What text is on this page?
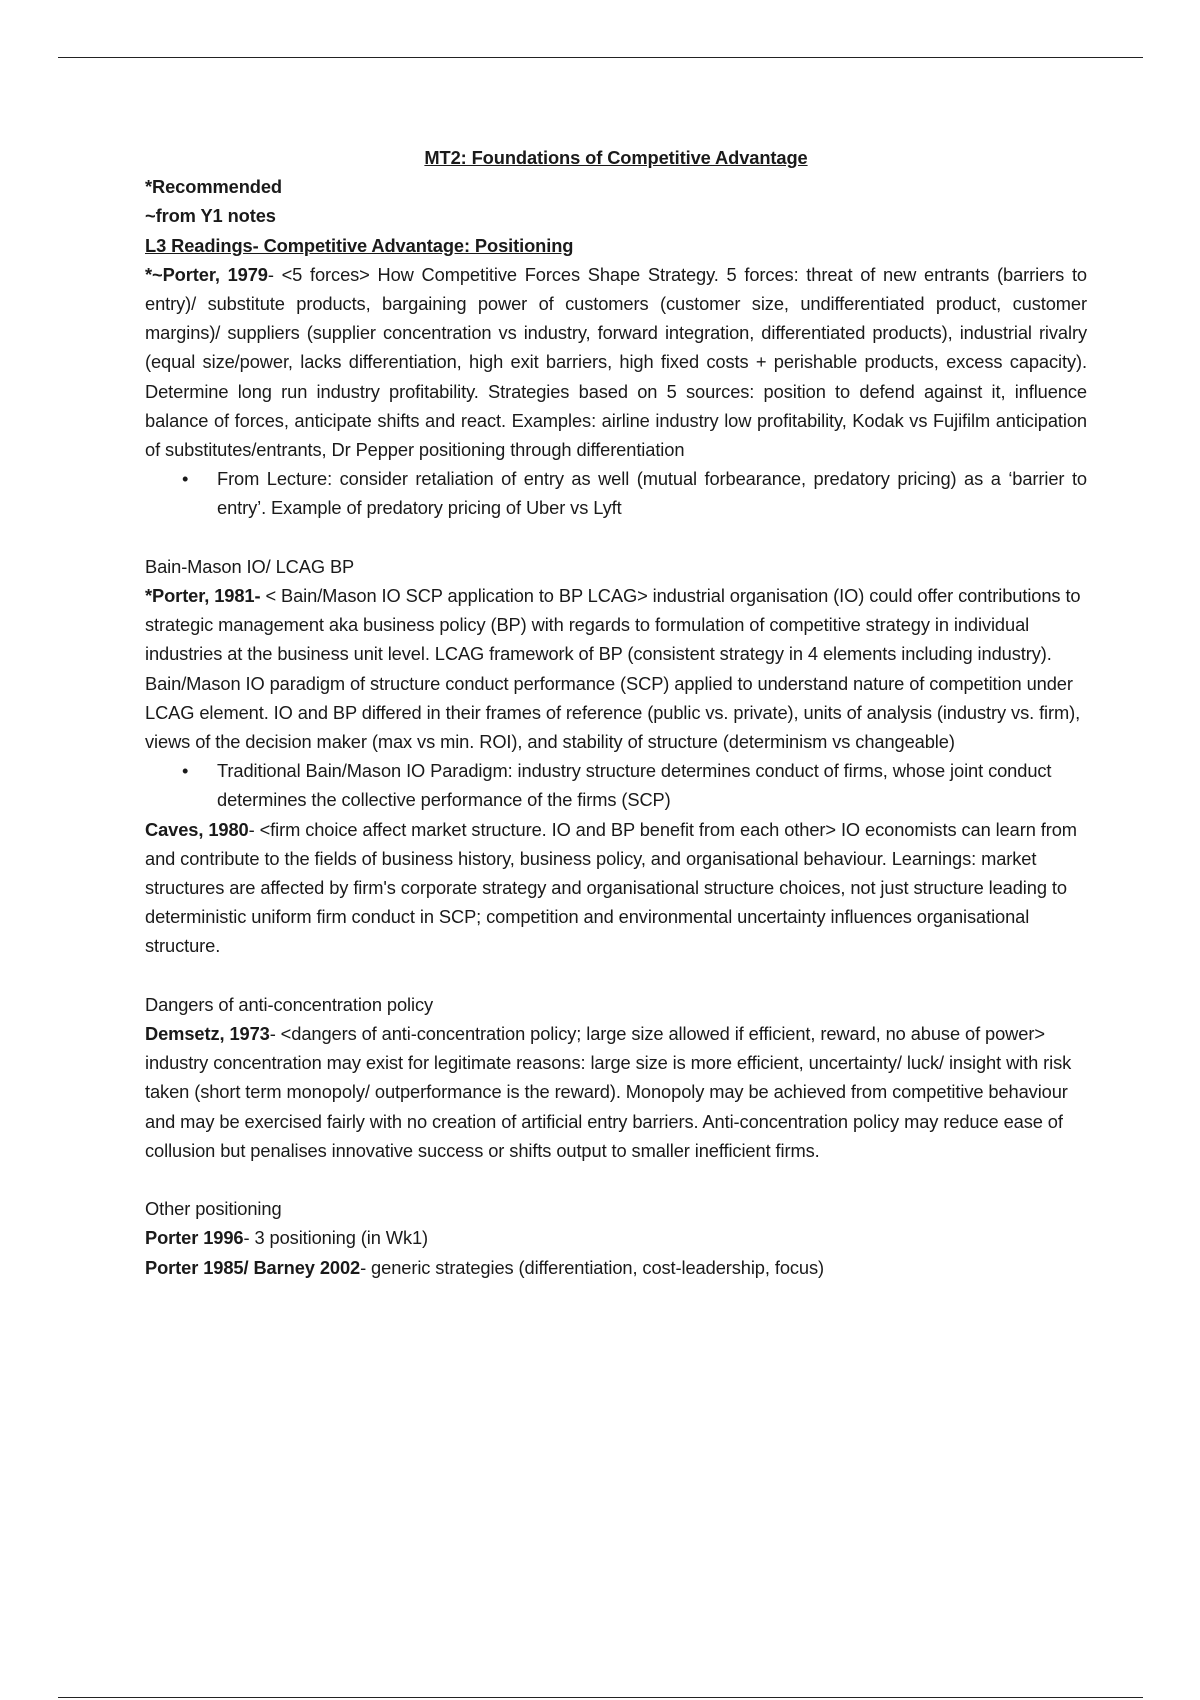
MT2: Foundations of Competitive Advantage
*Recommended
~from Y1 notes
L3 Readings- Competitive Advantage: Positioning

*~Porter, 1979- <5 forces> How Competitive Forces Shape Strategy. 5 forces: threat of new entrants (barriers to entry)/ substitute products, bargaining power of customers (customer size, undifferentiated product, customer margins)/ suppliers (supplier concentration vs industry, forward integration, differentiated products), industrial rivalry (equal size/power, lacks differentiation, high exit barriers, high fixed costs + perishable products, excess capacity). Determine long run industry profitability. Strategies based on 5 sources: position to defend against it, influence balance of forces, anticipate shifts and react. Examples: airline industry low profitability, Kodak vs Fujifilm anticipation of substitutes/entrants, Dr Pepper positioning through differentiation

• From Lecture: consider retaliation of entry as well (mutual forbearance, predatory pricing) as a ‘barrier to entry’. Example of predatory pricing of Uber vs Lyft
Bain-Mason IO/ LCAG BP

*Porter, 1981- < Bain/Mason IO SCP application to BP LCAG> industrial organisation (IO) could offer contributions to strategic management aka business policy (BP) with regards to formulation of competitive strategy in individual industries at the business unit level. LCAG framework of BP (consistent strategy in 4 elements including industry). Bain/Mason IO paradigm of structure conduct performance (SCP) applied to understand nature of competition under LCAG element. IO and BP differed in their frames of reference (public vs. private), units of analysis (industry vs. firm), views of the decision maker (max vs min. ROI), and stability of structure (determinism vs changeable)

• Traditional Bain/Mason IO Paradigm: industry structure determines conduct of firms, whose joint conduct determines the collective performance of the firms (SCP)

Caves, 1980- <firm choice affect market structure. IO and BP benefit from each other> IO economists can learn from and contribute to the fields of business history, business policy, and organisational behaviour. Learnings: market structures are affected by firm's corporate strategy and organisational structure choices, not just structure leading to deterministic uniform firm conduct in SCP; competition and environmental uncertainty influences organisational structure.

Dangers of anti-concentration policy

Demsetz, 1973- <dangers of anti-concentration policy; large size allowed if efficient, reward, no abuse of power> industry concentration may exist for legitimate reasons: large size is more efficient, uncertainty/ luck/ insight with risk taken (short term monopoly/ outperformance is the reward). Monopoly may be achieved from competitive behaviour and may be exercised fairly with no creation of artificial entry barriers. Anti-concentration policy may reduce ease of collusion but penalises innovative success or shifts output to smaller inefficient firms.

Other positioning

Porter 1996- 3 positioning (in Wk1)

Porter 1985/ Barney 2002- generic strategies (differentiation, cost-leadership, focus)
